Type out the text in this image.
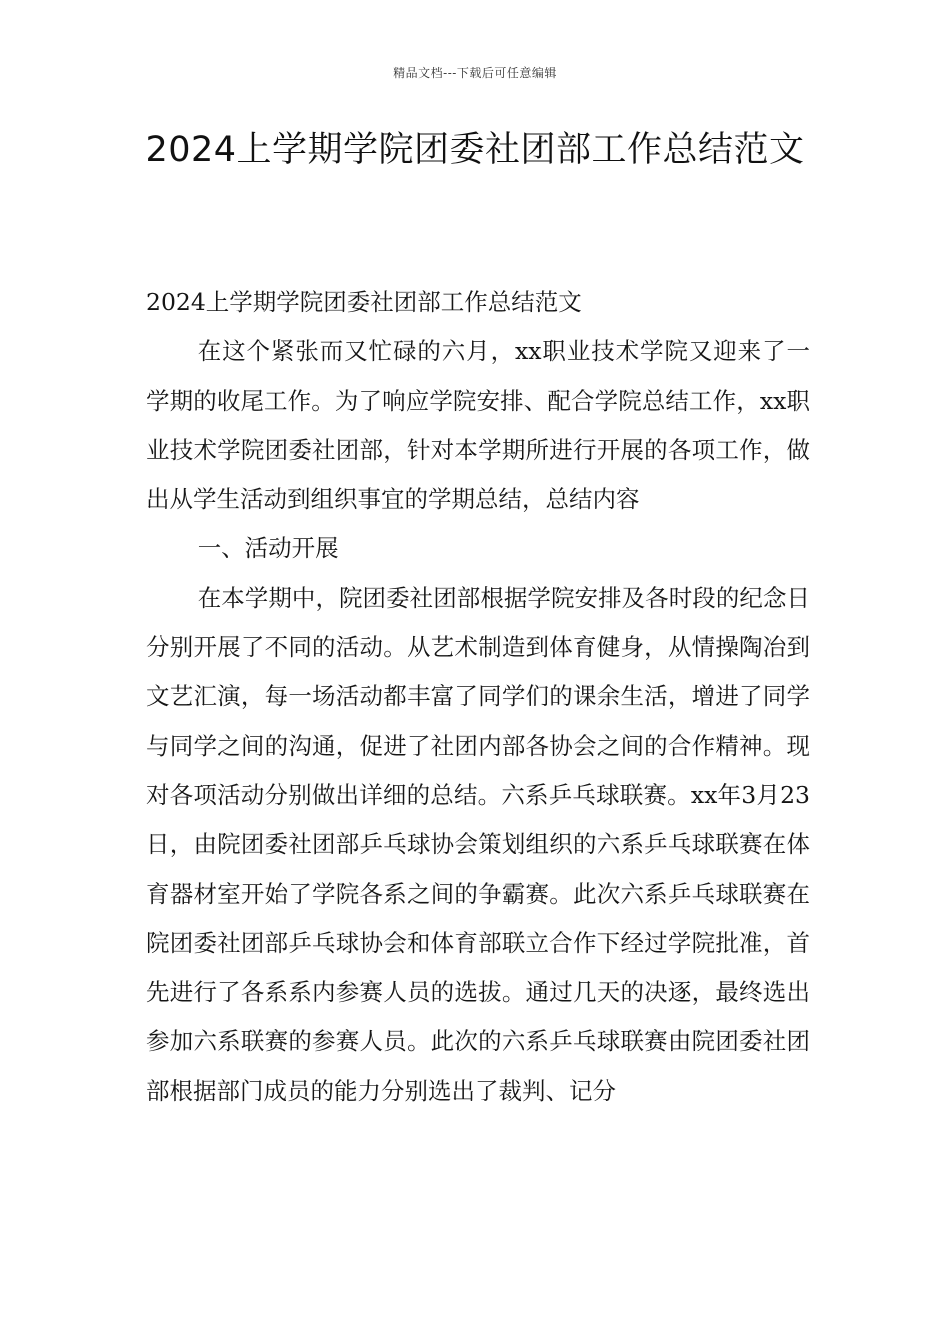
精品文档---下载后可任意编辑
2024上学期学院团委社团部工作总结范文

2024上学期学院团委社团部工作总结范文

在这个紧张而又忙碌的六月，xx职业技术学院又迎来了一学期的收尾工作。为了响应学院安排、配合学院总结工作，xx职业技术学院团委社团部，针对本学期所进行开展的各项工作，做出从学生活动到组织事宜的学期总结，总结内容

一、活动开展

在本学期中，院团委社团部根据学院安排及各时段的纪念日分别开展了不同的活动。从艺术制造到体育健身，从情操陶冶到文艺汇演，每一场活动都丰富了同学们的课余生活，增进了同学与同学之间的沟通，促进了社团内部各协会之间的合作精神。现对各项活动分别做出详细的总结。六系乒乓球联赛。xx年3月23日，由院团委社团部乒乓球协会策划组织的六系乒乓球联赛在体育器材室开始了学院各系之间的争霸赛。此次六系乒乓球联赛在院团委社团部乒乓球协会和体育部联立合作下经过学院批准，首先进行了各系系内参赛人员的选拔。通过几天的决逐，最终选出参加六系联赛的参赛人员。此次的六系乒乓球联赛由院团委社团部根据部门成员的能力分别选出了裁判、记分
